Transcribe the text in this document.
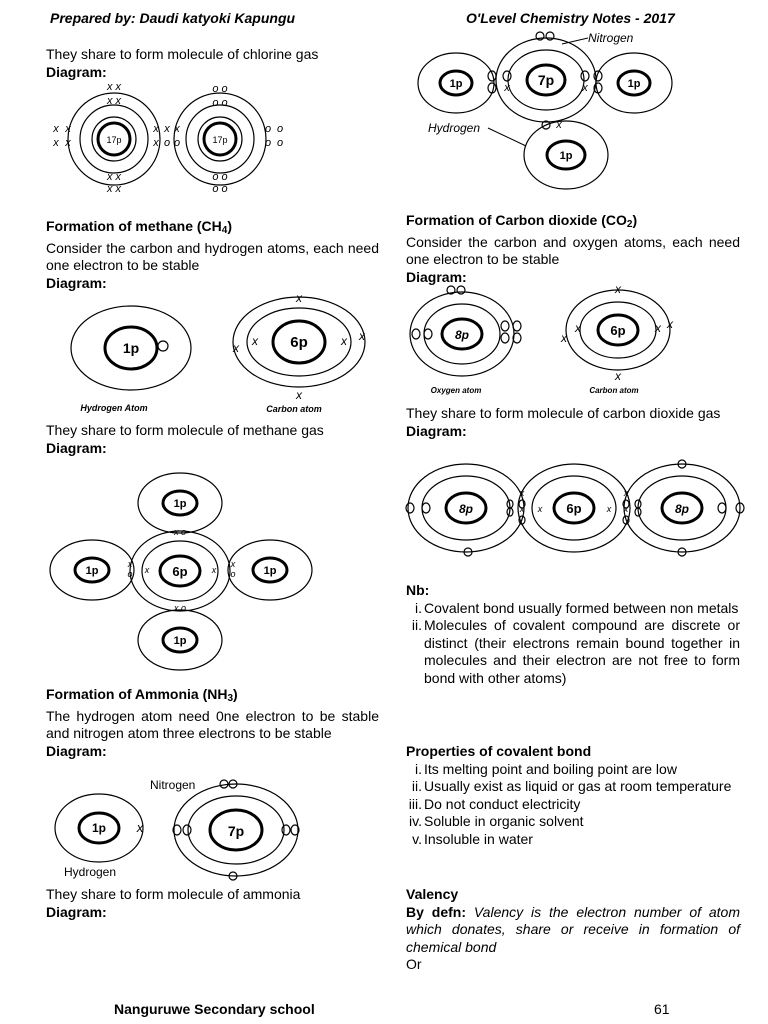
Prepared by: Daudi katyoki Kapungu	O'Level Chemistry Notes - 2017
They share to form molecule of chlorine gas
Diagram:
17p	17p
x x
x x
x x
x x
x
x
x
x
x
x
x
o
o o
o o
o o
o o
x
o
o
o
o
o
Formation of methane $(CH_4)$
Consider the carbon and hydrogen atoms, each need one electron to be stable
Diagram:
1p	6p
x
x
x x	x x
Hydrogen Atom	Carbon atom
They share to form molecule of methane gas
Diagram:
6p
1p
1p
1p	1p
x o
x o
x
o x	x
x
o
Formation of Ammonia $(NH_3)$
The hydrogen atom need 0ne electron to be stable and nitrogen atom three electrons to be stable
Diagram:
1p	7p
x
Nitrogen
Hydrogen
They share to form molecule of ammonia
Diagram:
x	x
x
1p	1p
1p
7p
Nitrogen
Hydrogen
Formation of Carbon dioxide $(CO_2)$
Consider the carbon and oxygen atoms, each need one electron to be stable
Diagram:
8p	6p
x
x
x
x	x x
Oxygen atom	Carbon atom
They share to form molecule of carbon dioxide gas
Diagram:
x
x
x
x
x	x
8p	6p	8p
Nb:
i. Covalent bond usually formed between non metals
ii. Molecules of covalent compound are discrete or distinct (their electrons remain bound together in molecules and their electron are not free to form bond with other atoms)
Properties of covalent bond
i. Its melting point and boiling point are low
ii. Usually exist as liquid or gas at room temperature
iii. Do not conduct electricity
iv. Soluble in organic solvent
v. Insoluble in water
Valency
By defn: Valency is the electron number of atom which donates, share or receive in formation of chemical bond
Or
Nanguruwe Secondary school	61
